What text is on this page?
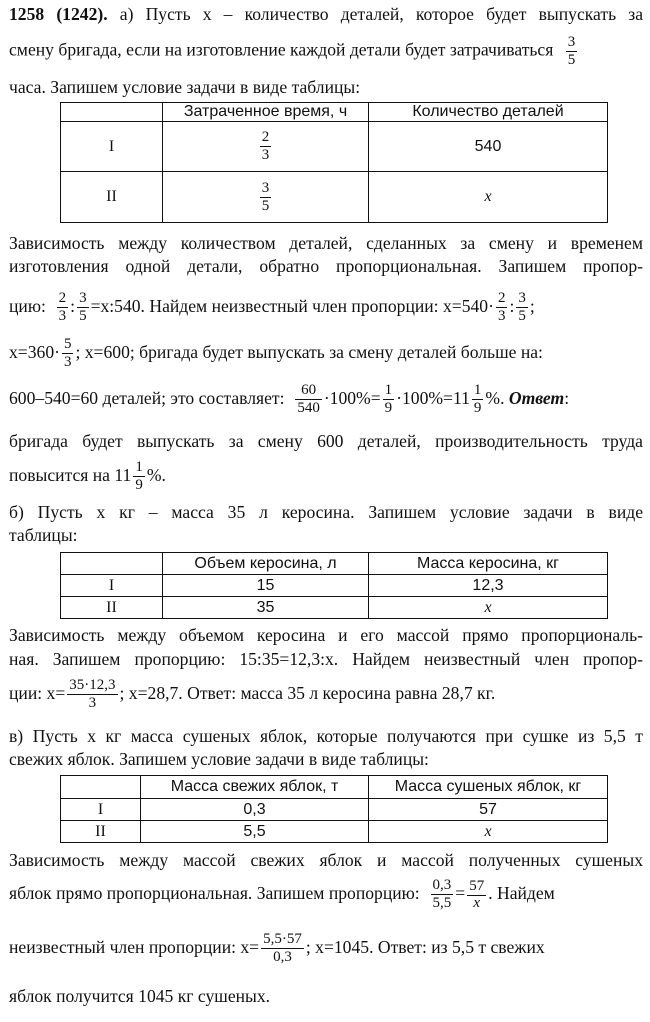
1258 (1242). а) Пусть x – количество деталей, которое будет выпускать за
смену бригада, если на изготовление каждой детали будет затрачиваться $\frac{3}{5}$
часа. Запишем условие задачи в виде таблицы:
	Затраченное время, ч	Количество деталей
I	$\frac{2}{3}$	540
II	$\frac{3}{5}$	x
Зависимость между количеством деталей, сделанных за смену и временем
изготовления одной детали, обратно пропорциональная. Запишем пропор-
цию: $\frac{2}{3}$ : $\frac{3}{5}$ =x:540. Найдем неизвестный член пропорции: $x=540\cdot \frac{2}{3}$ : $\frac{3}{5}$ ;
$x=360\cdot \frac{5}{3}$ ; x=600; бригада будет выпускать за смену деталей больше на:
600–540=60 деталей; это составляет: $\frac{60}{540} \cdot 100\%= \frac{1}{9} \cdot 100\%=11 \frac{1}{9}$ %. Ответ:
бригада будет выпускать за смену 600 деталей, производительность труда
повысится на $11 \frac{1}{9}$ %.
б) Пусть x кг – масса 35 л керосина. Запишем условие задачи в виде
таблицы:
	Объем керосина, л	Масса керосина, кг
I	15	12,3
II	35	x
Зависимость между объемом керосина и его массой прямо пропорциональ-
ная. Запишем пропорцию: 15:35=12,3:x. Найдем неизвестный член пропор-
ции: $x= \frac{35\cdot 12,3}{3}$ ; x=28,7. Ответ: масса 35 л керосина равна 28,7 кг.
в) Пусть x кг масса сушеных яблок, которые получаются при сушке из 5,5 т
свежих яблок. Запишем условие задачи в виде таблицы:
	Масса свежих яблок, т	Масса сушеных яблок, кг
I	0,3	57
II	5,5	x
Зависимость между массой свежих яблок и массой полученных сушеных
яблок прямо пропорциональная. Запишем пропорцию: $\frac{0,3}{5,5} = \frac{57}{x}$ . Найдем
неизвестный член пропорции: $x= \frac{5,5\cdot 57}{0,3}$ ; x=1045. Ответ: из 5,5 т свежих
яблок получится 1045 кг сушеных.
